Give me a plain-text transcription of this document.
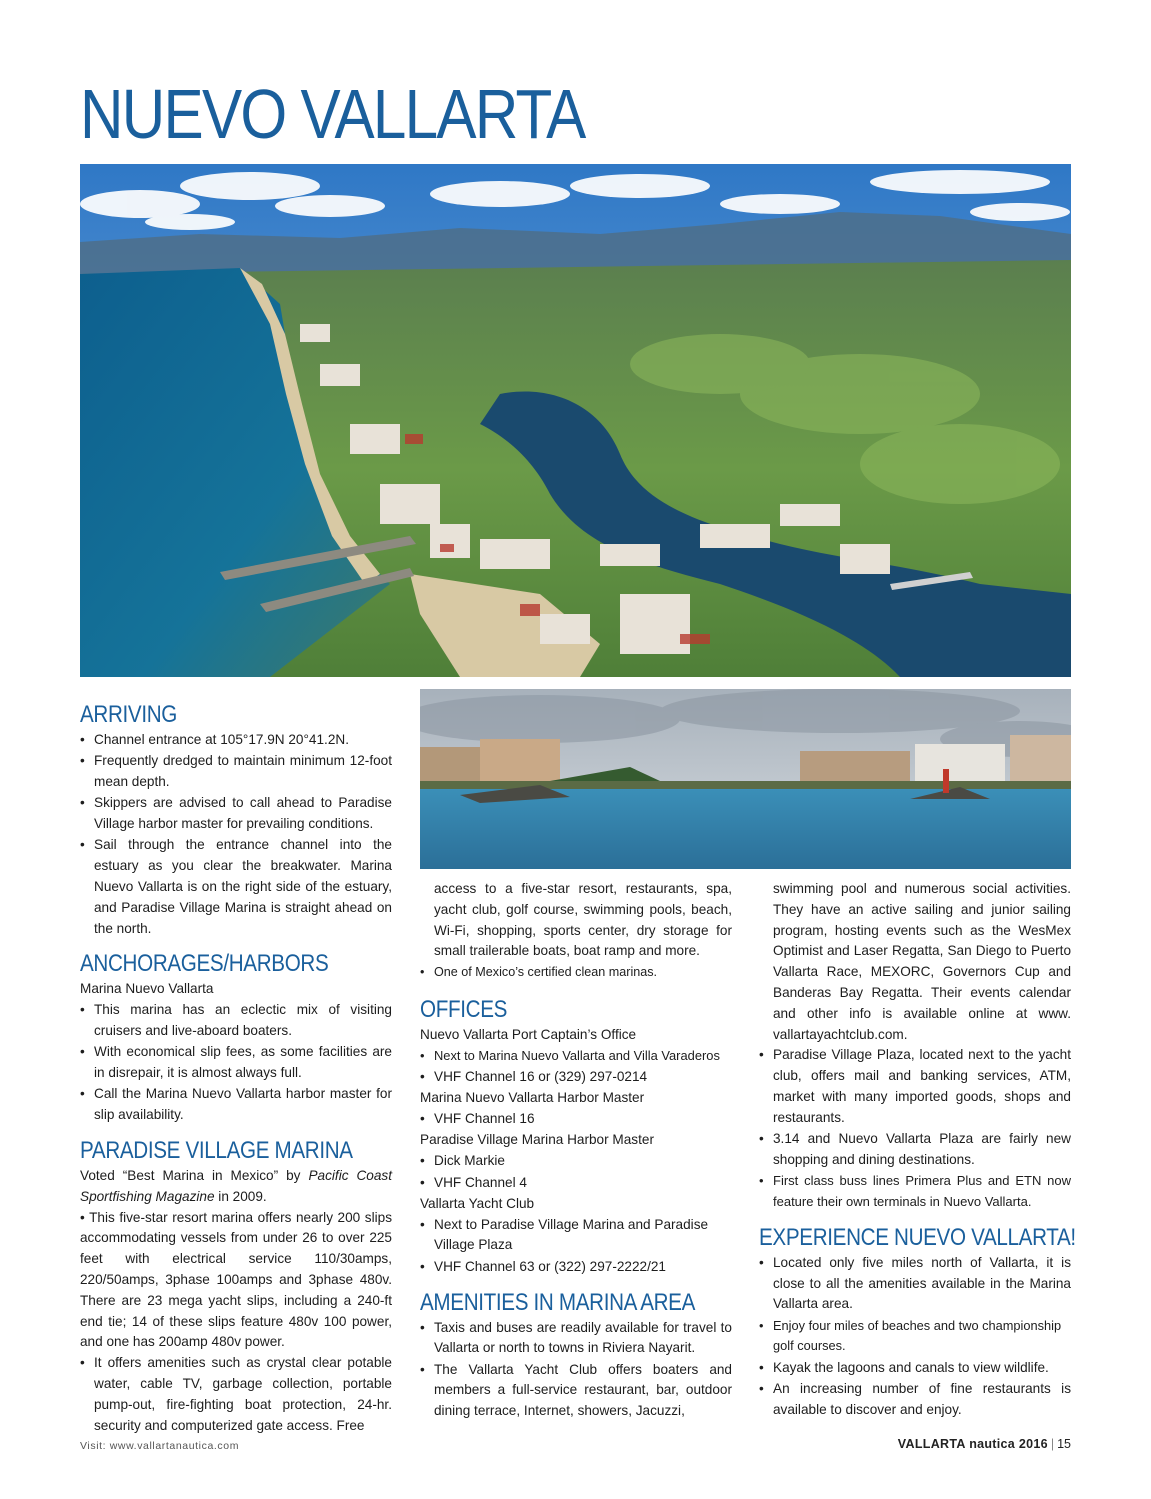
NUEVO VALLARTA
ARRIVING
• Channel entrance at 105°17.9N 20°41.2N.
• Frequently dredged to maintain minimum 12-foot mean depth.
• Skippers are advised to call ahead to Paradise Village harbor master for prevailing conditions.
• Sail through the entrance channel into the estuary as you clear the breakwater. Marina Nuevo Vallarta is on the right side of the estuary, and Paradise Village Marina is straight ahead on the north.
ANCHORAGES/HARBORS

Marina Nuevo Vallarta

• This marina has an eclectic mix of visiting cruisers and live-aboard boaters.
• With economical slip fees, as some facilities are in disrepair, it is almost always full.
• Call the Marina Nuevo Vallarta harbor master for slip availability.
PARADISE VILLAGE MARINA

Voted “Best Marina in Mexico” by Pacific Coast Sportfishing Magazine in 2009.

• This five-star resort marina offers nearly 200 slips accommodating vessels from under 26 to over 225 feet with electrical service 110/30amps, 220/50amps, 3phase 100amps and 3phase 480v. There are 23 mega yacht slips, including a 240-ft end tie; 14 of these slips feature 480v 100 power, and one has 200amp 480v power.

• It offers amenities such as crystal clear potable water, cable TV, garbage collection, portable pump-out, fire-fighting boat protection, 24-hr. security and computerized gate access. Free

access to a five-star resort, restaurants, spa, yacht club, golf course, swimming pools, beach, Wi-Fi, shopping, sports center, dry storage for small trailerable boats, boat ramp and more.

• One of Mexico’s certified clean marinas.
OFFICES

Nuevo Vallarta Port Captain’s Office

• Next to Marina Nuevo Vallarta and Villa Varaderos
• VHF Channel 16 or (329) 297-0214

Marina Nuevo Vallarta Harbor Master

• VHF Channel 16

Paradise Village Marina Harbor Master

• Dick Markie
• VHF Channel 4

Vallarta Yacht Club

• Next to Paradise Village Marina and Paradise Village Plaza
• VHF Channel 63 or (322) 297-2222/21
AMENITIES IN MARINA AREA
• Taxis and buses are readily available for travel to Vallarta or north to towns in Riviera Nayarit.
• The Vallarta Yacht Club offers boaters and members a full-service restaurant, bar, outdoor dining terrace, Internet, showers, Jacuzzi,

swimming pool and numerous social activities. They have an active sailing and junior sailing program, hosting events such as the WesMex Optimist and Laser Regatta, San Diego to Puerto Vallarta Race, MEXORC, Governors Cup and Banderas Bay Regatta. Their events calendar and other info is available online at www. vallartayachtclub.com.

• Paradise Village Plaza, located next to the yacht club, offers mail and banking services, ATM, market with many imported goods, shops and restaurants.
• 3.14 and Nuevo Vallarta Plaza are fairly new shopping and dining destinations.
• First class buss lines Primera Plus and ETN now feature their own terminals in Nuevo Vallarta.
EXPERIENCE NUEVO VALLARTA!
• Located only five miles north of Vallarta, it is close to all the amenities available in the Marina Vallarta area.
• Enjoy four miles of beaches and two championship golf courses.
• Kayak the lagoons and canals to view wildlife.
• An increasing number of fine restaurants is available to discover and enjoy.
Visit: www.vallartanautica.com	VALLARTA nautica 2016 | 15
